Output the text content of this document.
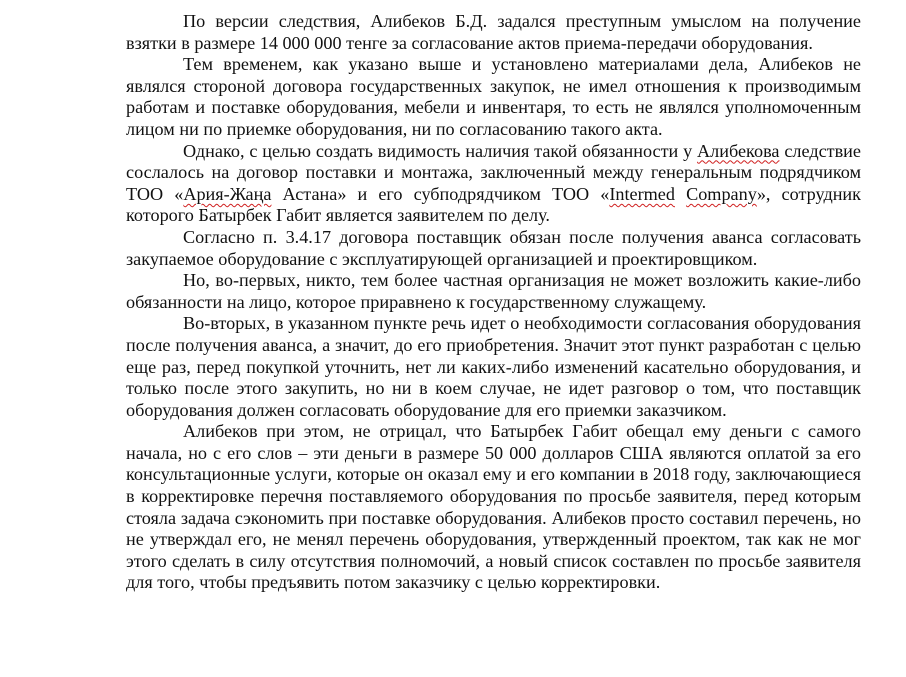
По версии следствия, Алибеков Б.Д. задался преступным умыслом на получение взятки в размере 14 000 000 тенге за согласование актов приема-передачи оборудования.

Тем временем, как указано выше и установлено материалами дела, Алибеков не являлся стороной договора государственных закупок, не имел отношения к производимым работам и поставке оборудования, мебели и инвентаря, то есть не являлся уполномоченным лицом ни по приемке оборудования, ни по согласованию такого акта.

Однако, с целью создать видимость наличия такой обязанности у Алибекова следствие сослалось на договор поставки и монтажа, заключенный между генеральным подрядчиком ТОО «Ария-Жаңа Астана» и его субподрядчиком ТОО «Intermed Company», сотрудник которого Батырбек Габит является заявителем по делу.

Согласно п. 3.4.17 договора поставщик обязан после получения аванса согласовать закупаемое оборудование с эксплуатирующей организацией и проектировщиком.

Но, во-первых, никто, тем более частная организация не может возложить какие-либо обязанности на лицо, которое приравнено к государственному служащему.

Во-вторых, в указанном пункте речь идет о необходимости согласования оборудования после получения аванса, а значит, до его приобретения. Значит этот пункт разработан с целью еще раз, перед покупкой уточнить, нет ли каких-либо изменений касательно оборудования, и только после этого закупить, но ни в коем случае, не идет разговор о том, что поставщик оборудования должен согласовать оборудование для его приемки заказчиком.

Алибеков при этом, не отрицал, что Батырбек Габит обещал ему деньги с самого начала, но с его слов – эти деньги в размере 50 000 долларов США являются оплатой за его консультационные услуги, которые он оказал ему и его компании в 2018 году, заключающиеся в корректировке перечня поставляемого оборудования по просьбе заявителя, перед которым стояла задача сэкономить при поставке оборудования. Алибеков просто составил перечень, но не утверждал его, не менял перечень оборудования, утвержденный проектом, так как не мог этого сделать в силу отсутствия полномочий, а новый список составлен по просьбе заявителя для того, чтобы предъявить потом заказчику с целью корректировки.
